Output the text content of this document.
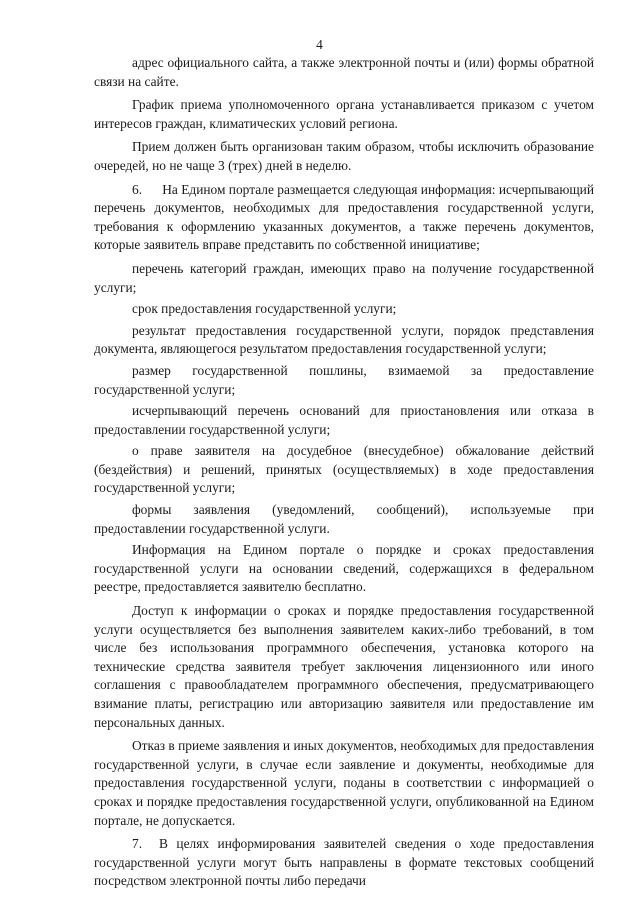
4

адрес официального сайта, а также электронной почты и (или) формы обратной связи на сайте.

График приема уполномоченного органа устанавливается приказом с учетом интересов граждан, климатических условий региона.

Прием должен быть организован таким образом, чтобы исключить образование очередей, но не чаще 3 (трех) дней в неделю.

6.      На Едином портале размещается следующая информация: исчерпывающий перечень документов, необходимых для предоставления государственной услуги, требования к оформлению указанных документов, а также перечень документов, которые заявитель вправе представить по собственной инициативе;

перечень категорий граждан, имеющих право на получение государственной услуги;

срок предоставления государственной услуги;

результат предоставления государственной услуги, порядок представления документа, являющегося результатом предоставления государственной услуги;

размер государственной пошлины, взимаемой за предоставление государственной услуги;

исчерпывающий перечень оснований для приостановления или отказа в предоставлении государственной услуги;

о праве заявителя на досудебное (внесудебное) обжалование действий (бездействия) и решений, принятых (осуществляемых) в ходе предоставления государственной услуги;

формы заявления (уведомлений, сообщений), используемые при предоставлении государственной услуги.

Информация на Едином портале о порядке и сроках предоставления государственной услуги на основании сведений, содержащихся в федеральном реестре, предоставляется заявителю бесплатно.

Доступ к информации о сроках и порядке предоставления государственной услуги осуществляется без выполнения заявителем каких-либо требований, в том числе без использования программного обеспечения, установка которого на технические средства заявителя требует заключения лицензионного или иного соглашения с правообладателем программного обеспечения, предусматривающего взимание платы, регистрацию или авторизацию заявителя или предоставление им персональных данных.

Отказ в приеме заявления и иных документов, необходимых для предоставления государственной услуги, в случае если заявление и документы, необходимые для предоставления государственной услуги, поданы в соответствии с информацией о сроках и порядке предоставления государственной услуги, опубликованной на Едином портале, не допускается.

7.  В целях информирования заявителей сведения о ходе предоставления государственной услуги могут быть направлены в формате текстовых сообщений посредством электронной почты либо передачи
